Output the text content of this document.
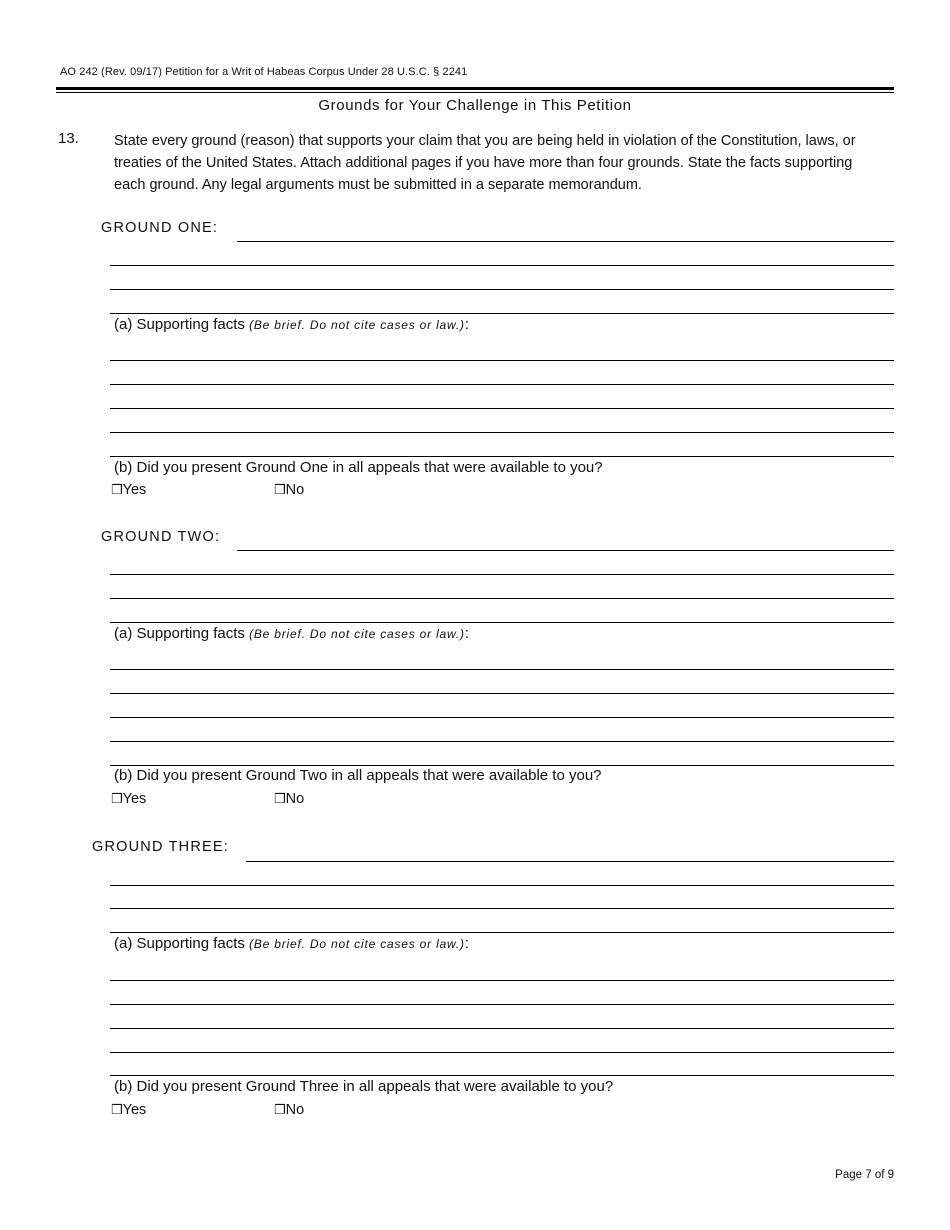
AO 242 (Rev. 09/17) Petition for a Writ of Habeas Corpus Under 28 U.S.C. § 2241
Grounds for Your Challenge in This Petition
13. State every ground (reason) that supports your claim that you are being held in violation of the Constitution, laws, or treaties of the United States. Attach additional pages if you have more than four grounds. State the facts supporting each ground. Any legal arguments must be submitted in a separate memorandum.
GROUND ONE:
(a) Supporting facts (Be brief. Do not cite cases or law.):
(b) Did you present Ground One in all appeals that were available to you?
❒Yes	❒No
GROUND TWO:
(a) Supporting facts (Be brief. Do not cite cases or law.):
(b) Did you present Ground Two in all appeals that were available to you?
❒Yes	❒No
GROUND THREE:
(a) Supporting facts (Be brief. Do not cite cases or law.):
(b) Did you present Ground Three in all appeals that were available to you?
❒Yes	❒No
Page 7 of 9
